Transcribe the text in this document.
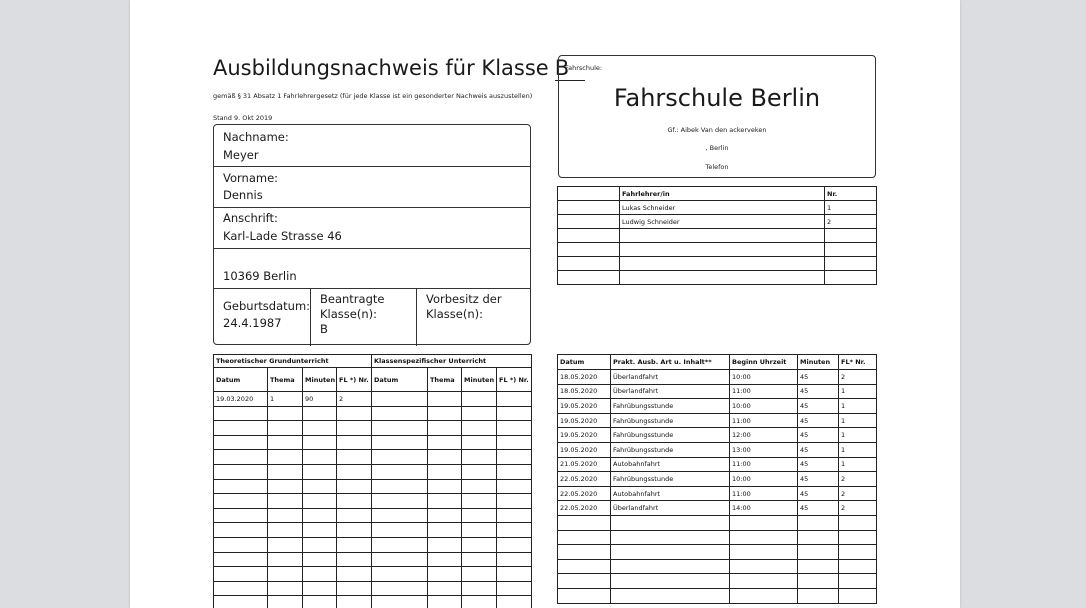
Ausbildungsnachweis für Klasse B
gemäß § 31 Absatz 1 Fahrlehrergesetz (für jede Klasse ist ein gesonderter Nachweis auszustellen)
Stand 9. Okt 2019
Nachname:
Meyer
Vorname:
Dennis
Anschrift:
Karl-Lade Strasse 46
10369 Berlin
Geburtsdatum:
24.4.1987
Beantragte Klasse(n):
B
Vorbesitz der Klasse(n):
Fahrschule:
Fahrschule Berlin
Gf.: Aibek Van den ackerveken
, Berlin
Telefon
	Fahrlehrer/in	Nr.
	Lukas Schneider	1
	Ludwig Schneider	2

Theoretischer Grundunterricht				Klassenspezifischer Unterricht			
Datum	Thema	Minuten	FL *) Nr.	Datum	Thema	Minuten	FL *) Nr.
19.03.2020	1	90	2				

Datum	Prakt. Ausb. Art u. Inhalt**	Beginn Uhrzeit	Minuten	FL* Nr.
18.05.2020	Überlandfahrt	10:00	45	2
18.05.2020	Überlandfahrt	11:00	45	1
19.05.2020	Fahrübungsstunde	10:00	45	1
19.05.2020	Fahrübungsstunde	11:00	45	1
19.05.2020	Fahrübungsstunde	12:00	45	1
19.05.2020	Fahrübungsstunde	13:00	45	1
21.05.2020	Autobahnfahrt	11:00	45	1
22.05.2020	Fahrübungsstunde	10:00	45	2
22.05.2020	Autobahnfahrt	11:00	45	2
22.05.2020	Überlandfahrt	14:00	45	2
